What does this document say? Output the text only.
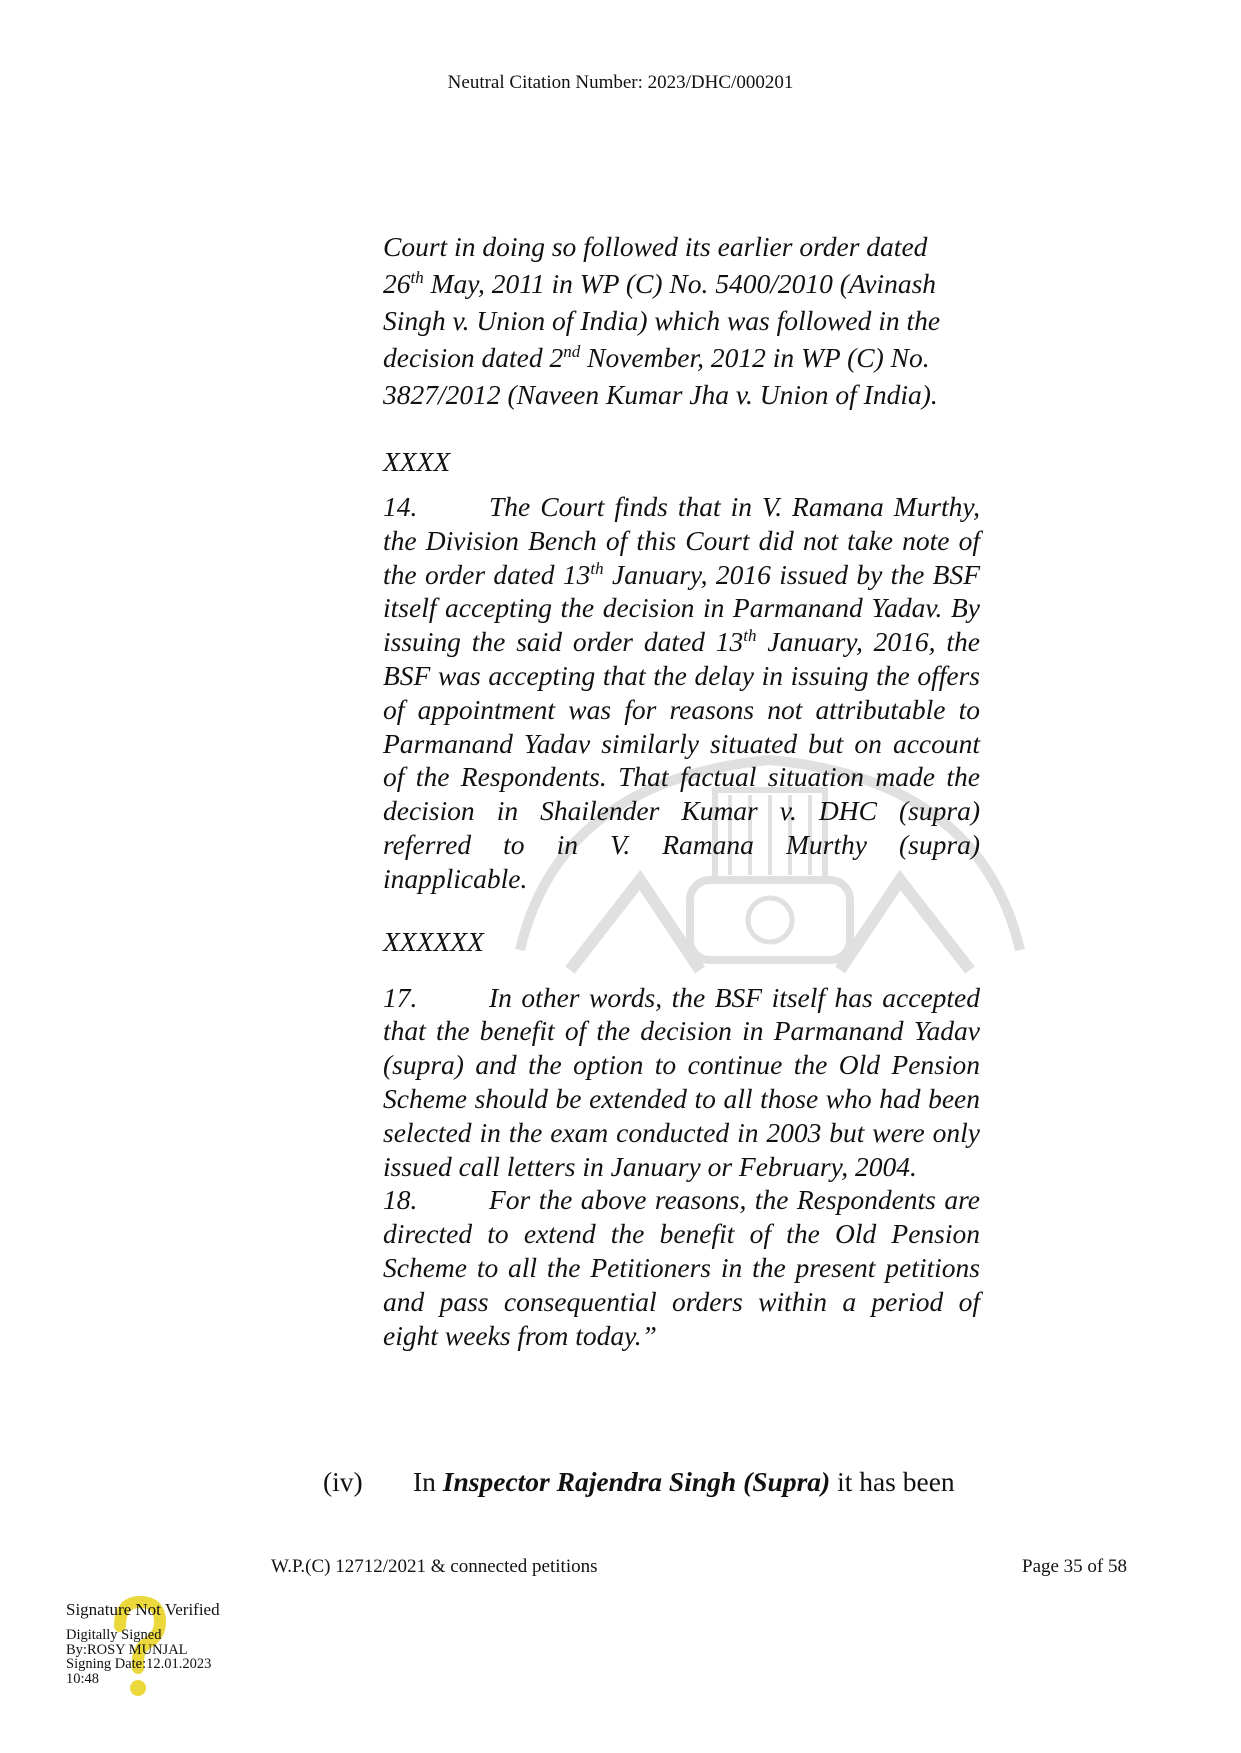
Neutral Citation Number: 2023/DHC/000201
Court in doing so followed its earlier order dated
26th May, 2011 in WP (C) No. 5400/2010 (Avinash
Singh v. Union of India) which was followed in the
decision dated 2nd November, 2012 in WP (C) No.
3827/2012 (Naveen Kumar Jha v. Union of India).
XXXX

14.	The Court finds that in V. Ramana Murthy, the Division Bench of this Court did not take note of the order dated 13th January, 2016 issued by the BSF itself accepting the decision in Parmanand Yadav. By issuing the said order dated 13th January, 2016, the BSF was accepting that the delay in issuing the offers of appointment was for reasons not attributable to Parmanand Yadav similarly situated but on account of the Respondents. That factual situation made the decision in Shailender Kumar v. DHC (supra) referred to in V. Ramana Murthy (supra) inapplicable.

XXXXXX

17.	In other words, the BSF itself has accepted that the benefit of the decision in Parmanand Yadav (supra) and the option to continue the Old Pension Scheme should be extended to all those who had been selected in the exam conducted in 2003 but were only issued call letters in January or February, 2004.

18.	For the above reasons, the Respondents are directed to extend the benefit of the Old Pension Scheme to all the Petitioners in the present petitions and pass consequential orders within a period of eight weeks from today.”

(iv) In Inspector Rajendra Singh (Supra) it has been
W.P.(C) 12712/2021 & connected petitions	Page 35 of 58
Signature Not Verified
Digitally Signed
By:ROSY MUNJAL
Signing Date:12.01.2023
10:48
